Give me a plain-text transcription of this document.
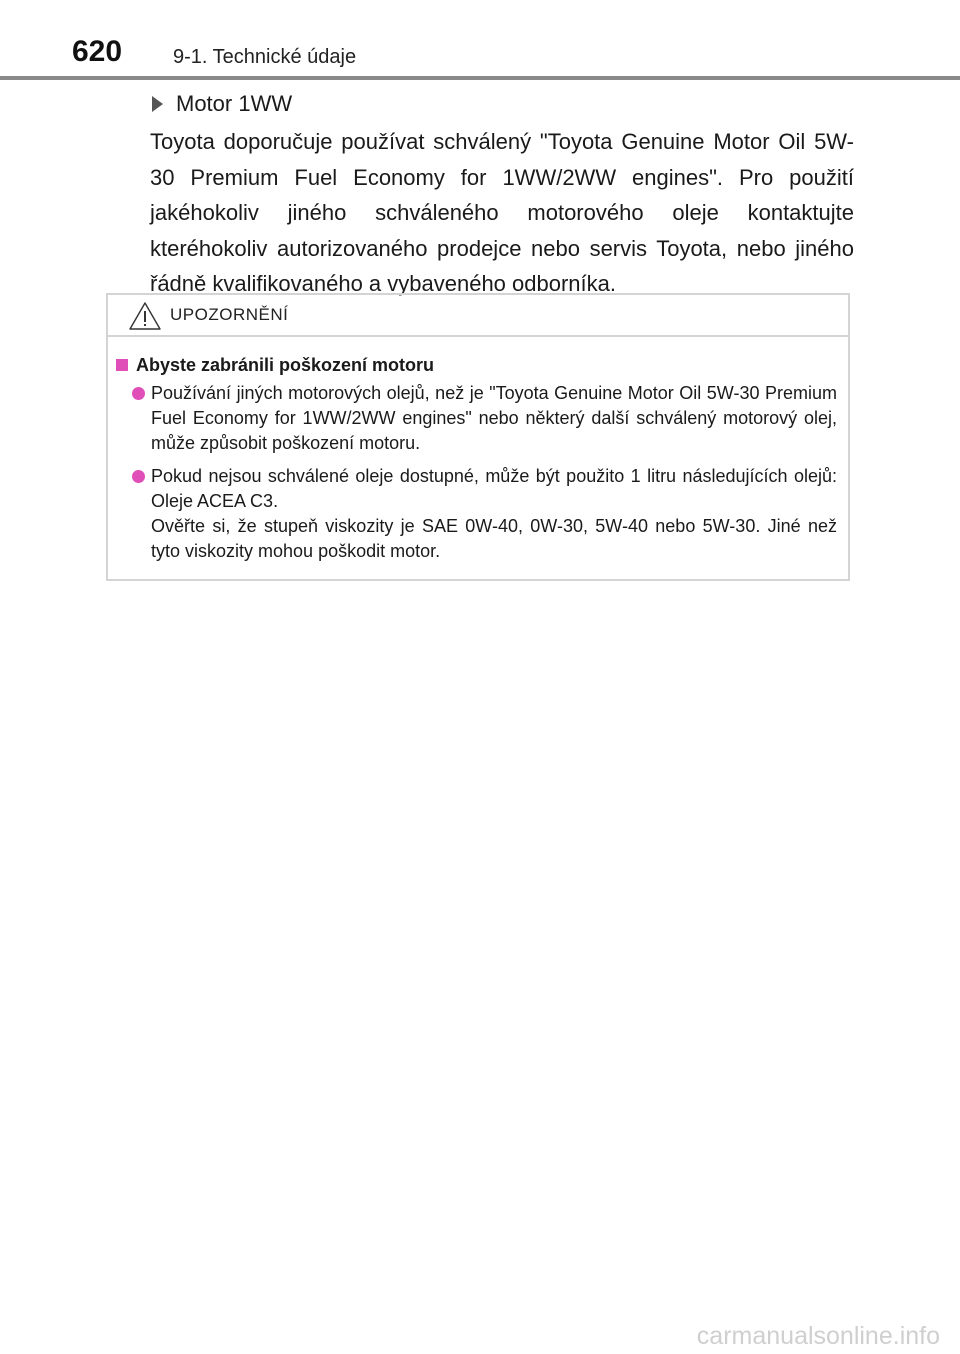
620	9-1. Technické údaje
Motor 1WW
Toyota doporučuje používat schválený "Toyota Genuine Motor Oil 5W-30 Premium Fuel Economy for 1WW/2WW engines". Pro použití jakéhokoliv jiného schváleného motorového oleje kontaktujte kteréhokoliv autorizovaného prodejce nebo servis Toyota, nebo jiného řádně kvalifikovaného a vybaveného odborníka.
UPOZORNĚNÍ
Abyste zabránili poškození motoru
Používání jiných motorových olejů, než je "Toyota Genuine Motor Oil 5W-30 Premium Fuel Economy for 1WW/2WW engines" nebo některý další schválený motorový olej, může způsobit poškození motoru.
Pokud nejsou schválené oleje dostupné, může být použito 1 litru následujících olejů: Oleje ACEA C3.
Ověřte si, že stupeň viskozity je SAE 0W-40, 0W-30, 5W-40 nebo 5W-30. Jiné než tyto viskozity mohou poškodit motor.
carmanualsonline.info
